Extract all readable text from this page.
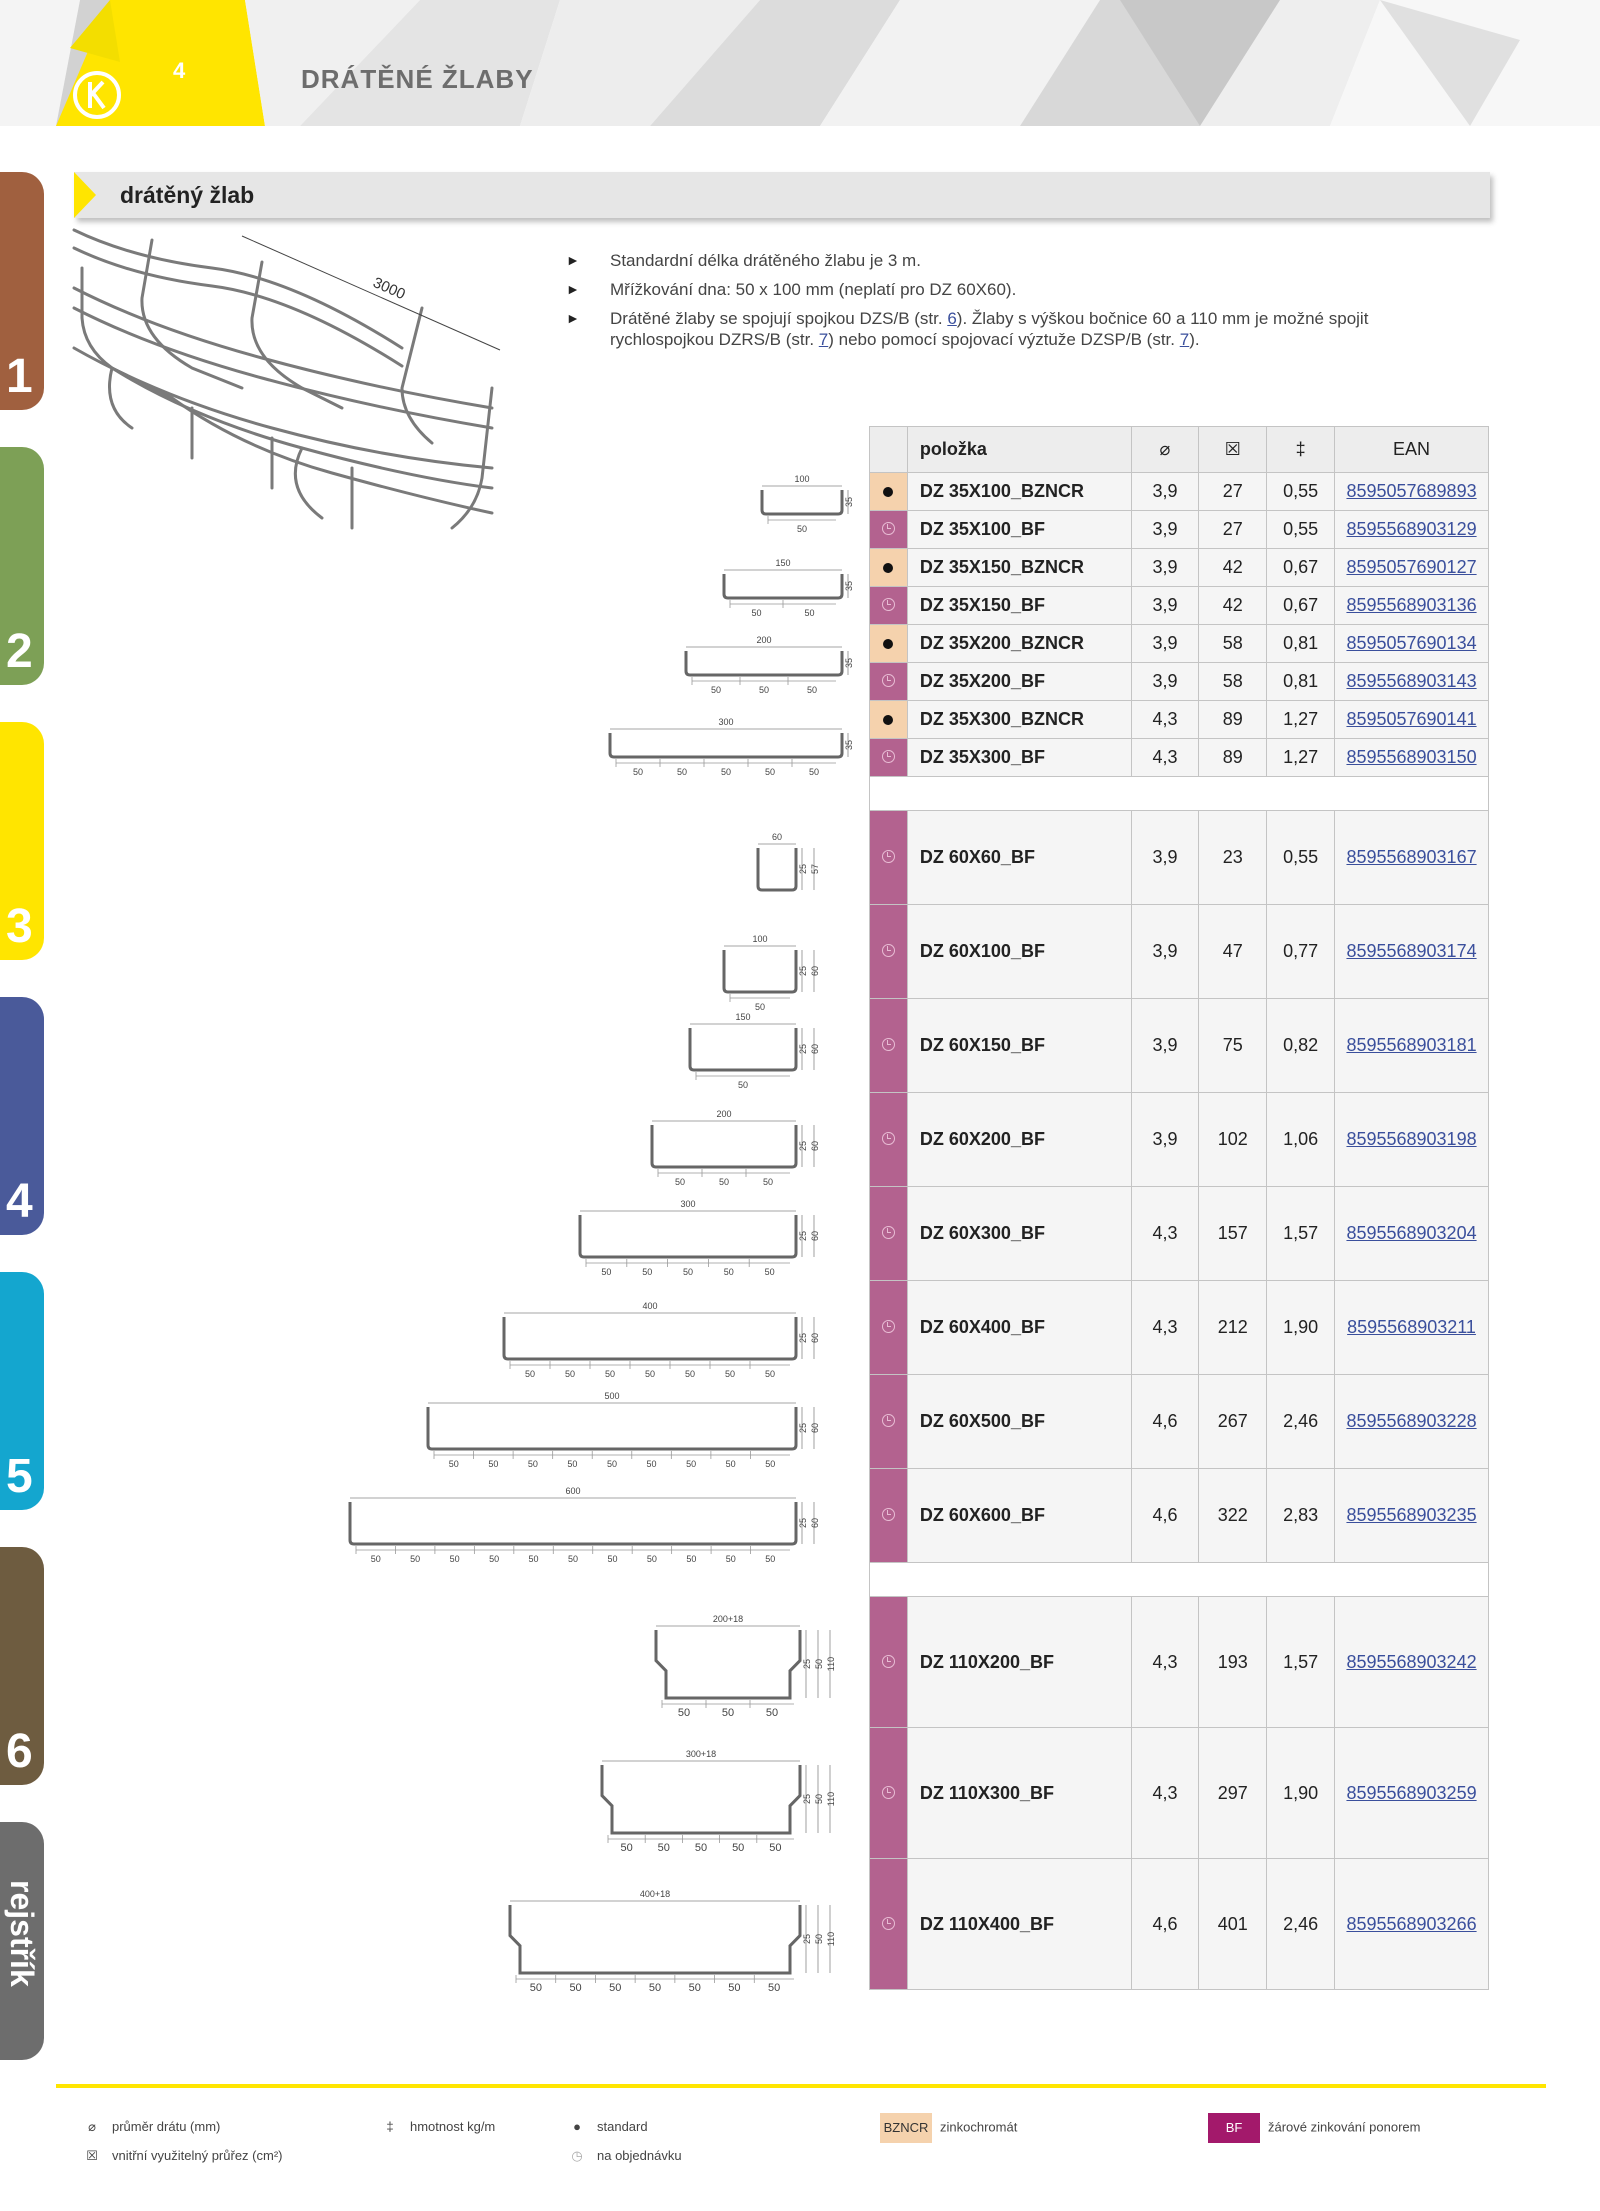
4	DRÁTĚNÉ ŽLABY
1
2
3
4
5
6
rejstřík
drátěný žlab
3000
► Standardní délka drátěného žlabu je 3 m.
► Mřížkování dna: 50 x 100 mm (neplatí pro DZ 60X60).
► Drátěné žlaby se spojují spojkou DZS/B (str. 6). Žlaby s výškou bočnice 60 a 110 mm je možné spojit rychlospojkou DZRS/B (str. 7) nebo pomocí spojovací výztuže DZSP/B (str. 7).
100
35
50
150
35
50	50
200
35
50	50	50
300
35
50	50	50	50	50
60
25 57
100
25 60
50
150
25 60
50
200
25 60
50	50	50
300
25 60
50	50	50	50	50
400
25 60
50	50	50	50	50	50	50
500
25 60
50	50	50	50	50	50	50	50	50
600
25 60
50	50	50	50	50	50	50	50	50	50	50
200+18
25 50 110
50	50	50
300+18
25 50 110
50 50 50 50 50
400+18
25 50 110
50 50 50 50 50 50 50
	položka	⌀	☒	‡	EAN
	DZ 35X100_BZNCR	3,9	27	0,55	8595057689893
	DZ 35X100_BF	3,9	27	0,55	8595568903129
	DZ 35X150_BZNCR	3,9	42	0,67	8595057690127
	DZ 35X150_BF	3,9	42	0,67	8595568903136
	DZ 35X200_BZNCR	3,9	58	0,81	8595057690134
	DZ 35X200_BF	3,9	58	0,81	8595568903143
	DZ 35X300_BZNCR	4,3	89	1,27	8595057690141
	DZ 35X300_BF	4,3	89	1,27	8595568903150

	DZ 60X60_BF	3,9	23	0,55	8595568903167
	DZ 60X100_BF	3,9	47	0,77	8595568903174
	DZ 60X150_BF	3,9	75	0,82	8595568903181
	DZ 60X200_BF	3,9	102	1,06	8595568903198
	DZ 60X300_BF	4,3	157	1,57	8595568903204
	DZ 60X400_BF	4,3	212	1,90	8595568903211
	DZ 60X500_BF	4,6	267	2,46	8595568903228
	DZ 60X600_BF	4,6	322	2,83	8595568903235

	DZ 110X200_BF	4,3	193	1,57	8595568903242
	DZ 110X300_BF	4,3	297	1,90	8595568903259
	DZ 110X400_BF	4,6	401	2,46	8595568903266
⌀ průměr drátu (mm)
☒ vnitřní využitelný průřez (cm²)
‡ hmotnost kg/m	● standard
◷ na objednávku
BZNCR zinkochromát	BF žárové zinkování ponorem
